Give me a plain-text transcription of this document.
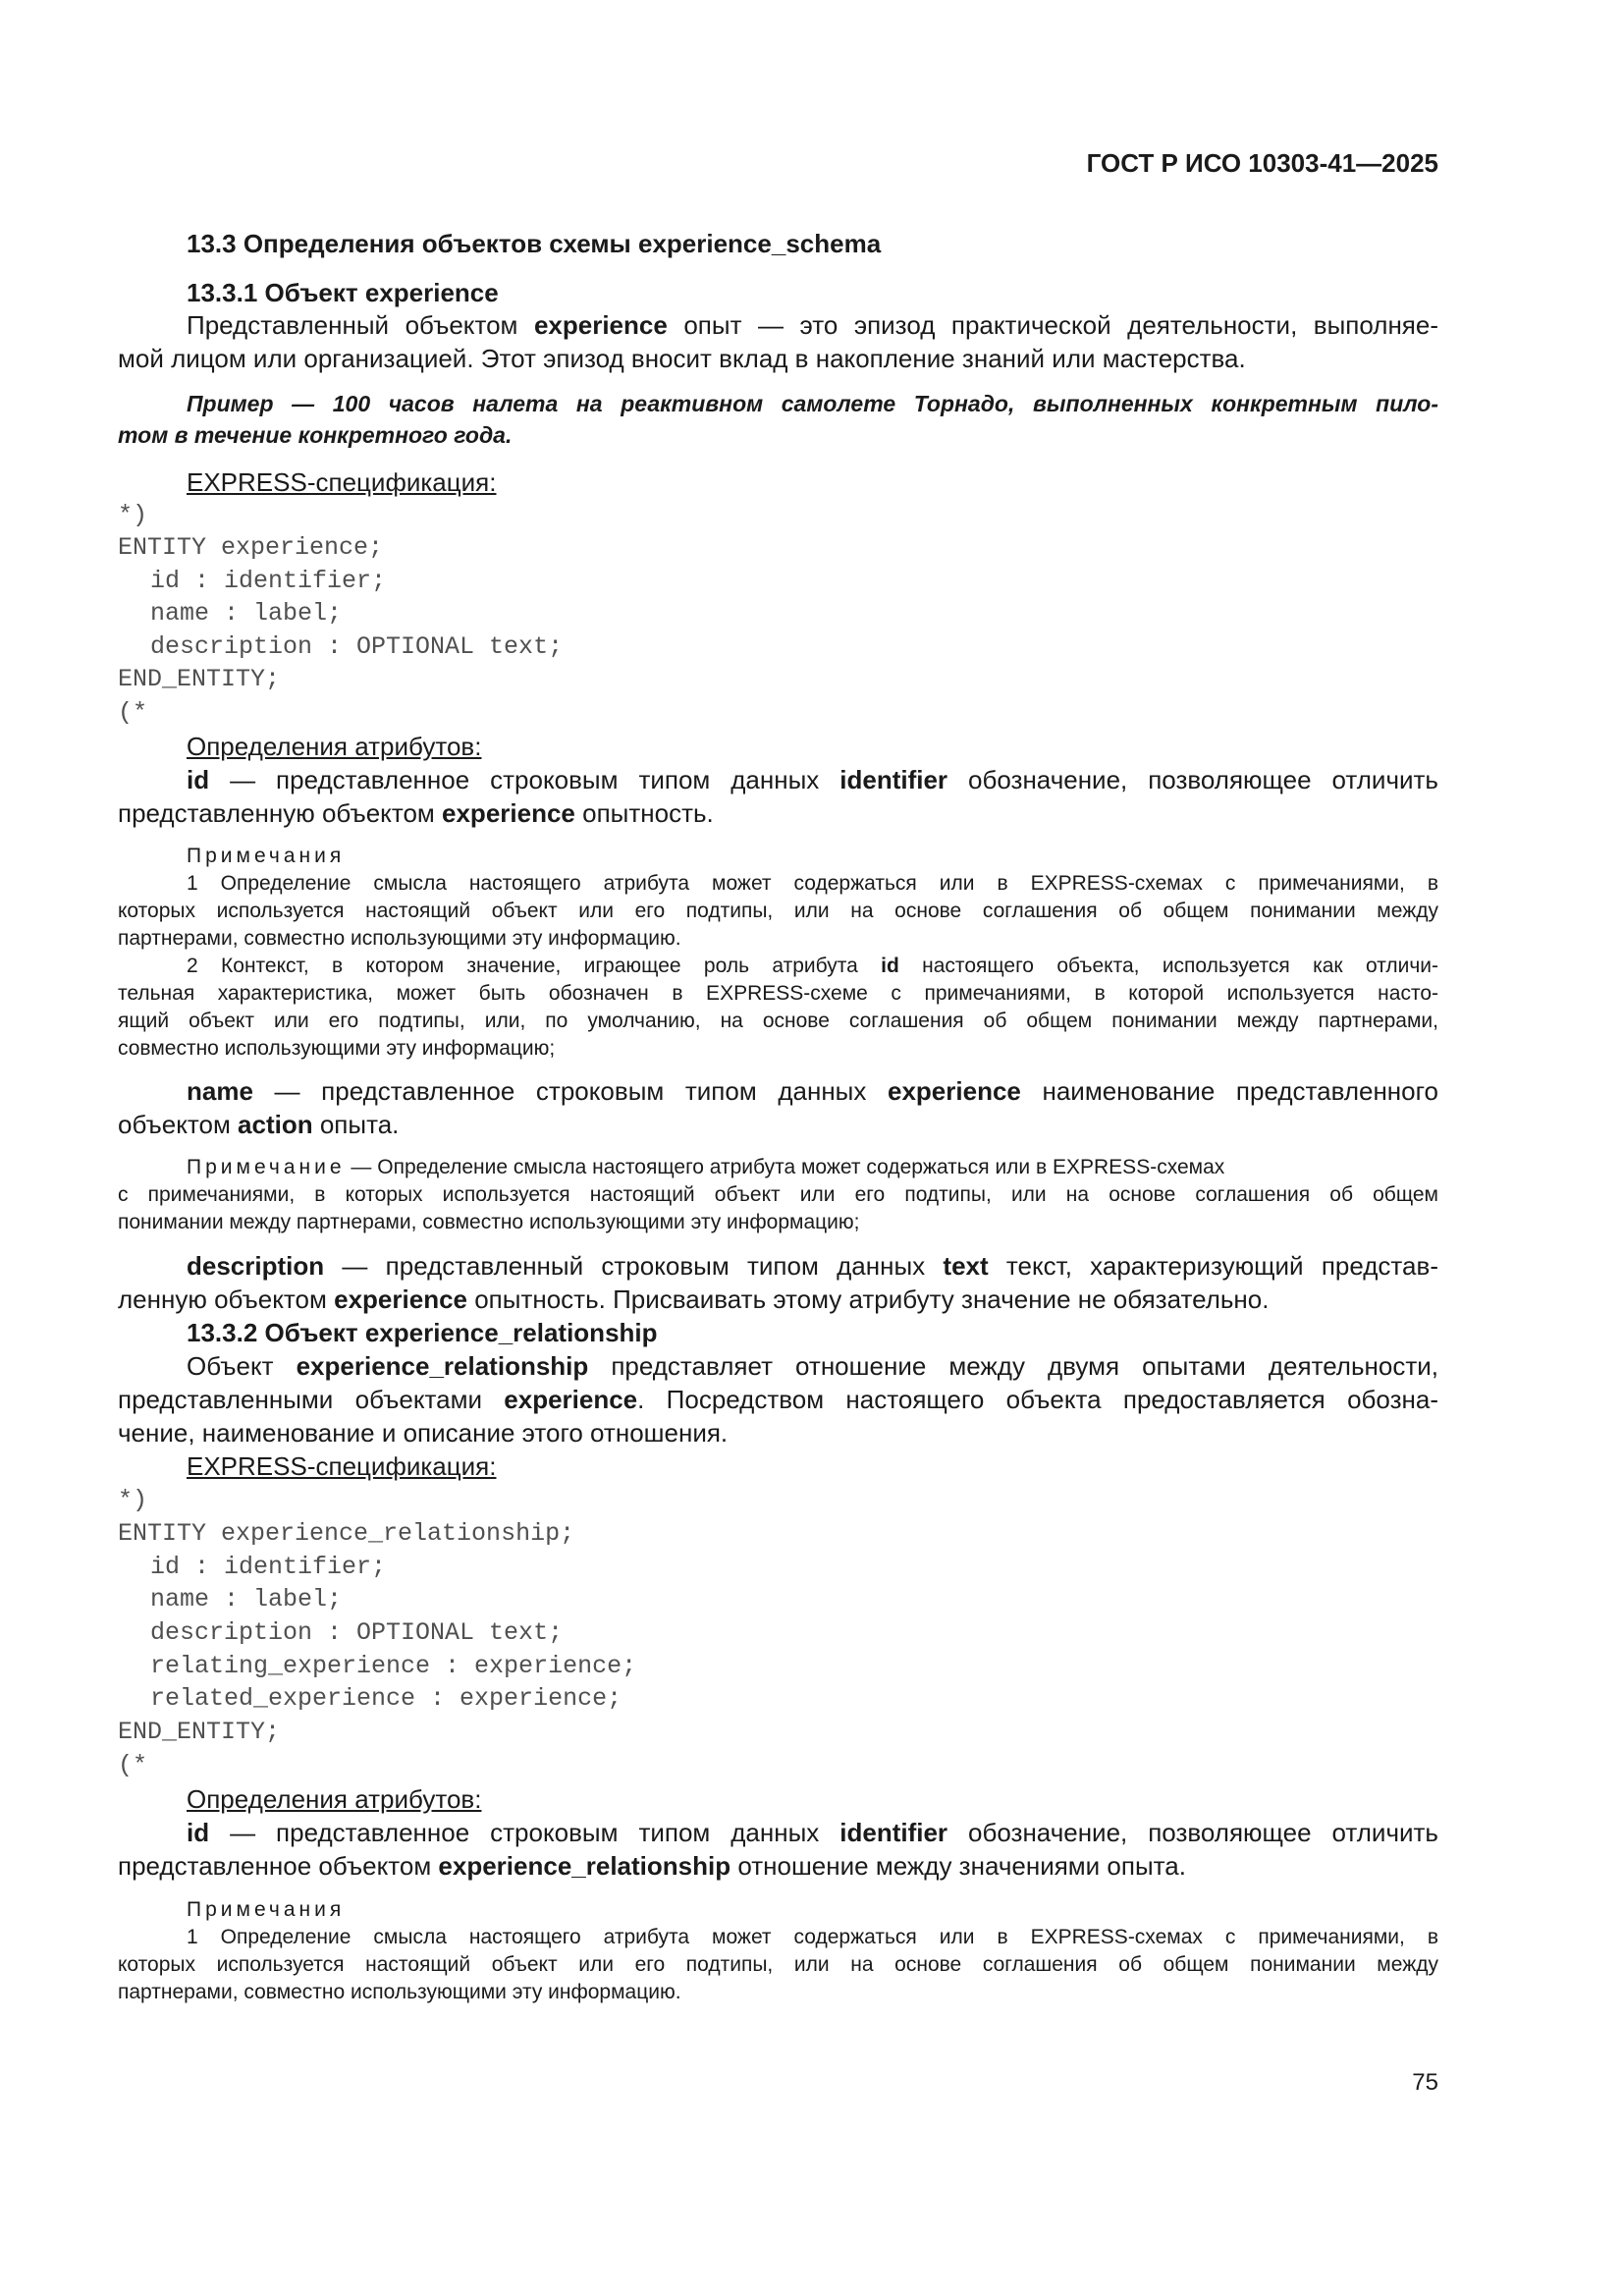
ГОСТ Р ИСО 10303-41—2025
13.3 Определения объектов схемы experience_schema
13.3.1 Объект experience
Представленный объектом experience опыт — это эпизод практической деятельности, выполняе-
мой лицом или организацией. Этот эпизод вносит вклад в накопление знаний или мастерства.
Пример — 100 часов налета на реактивном самолете Торнадо, выполненных конкретным пило-
том в течение конкретного года.
EXPRESS-спецификация:
*)
ENTITY experience;
id : identifier;
name : label;
description : OPTIONAL text;
END_ENTITY;
(*
Определения атрибутов:
id — представленное строковым типом данных identifier обозначение, позволяющее отличить
представленную объектом experience опытность.
Примечания
1 Определение смысла настоящего атрибута может содержаться или в EXPRESS-схемах с примечаниями, в
которых используется настоящий объект или его подтипы, или на основе соглашения об общем понимании между
партнерами, совместно использующими эту информацию.
2 Контекст, в котором значение, играющее роль атрибута id настоящего объекта, используется как отличи-
тельная характеристика, может быть обозначен в EXPRESS-схеме с примечаниями, в которой используется насто-
ящий объект или его подтипы, или, по умолчанию, на основе соглашения об общем понимании между партнерами,
совместно использующими эту информацию;
name — представленное строковым типом данных experience наименование представленного
объектом action опыта.
Примечание — Определение смысла настоящего атрибута может содержаться или в EXPRESS-схемах
с примечаниями, в которых используется настоящий объект или его подтипы, или на основе соглашения об общем
понимании между партнерами, совместно использующими эту информацию;
description — представленный строковым типом данных text текст, характеризующий представ-
ленную объектом experience опытность. Присваивать этому атрибуту значение не обязательно.
13.3.2 Объект experience_relationship
Объект experience_relationship представляет отношение между двумя опытами деятельности,
представленными объектами experience. Посредством настоящего объекта предоставляется обозна-
чение, наименование и описание этого отношения.
EXPRESS-спецификация:
*)
ENTITY experience_relationship;
id : identifier;
name : label;
description : OPTIONAL text;
relating_experience : experience;
related_experience : experience;
END_ENTITY;
(*
Определения атрибутов:
id — представленное строковым типом данных identifier обозначение, позволяющее отличить
представленное объектом experience_relationship отношение между значениями опыта.
Примечания
1 Определение смысла настоящего атрибута может содержаться или в EXPRESS-схемах с примечаниями, в
которых используется настоящий объект или его подтипы, или на основе соглашения об общем понимании между
партнерами, совместно использующими эту информацию.
75
